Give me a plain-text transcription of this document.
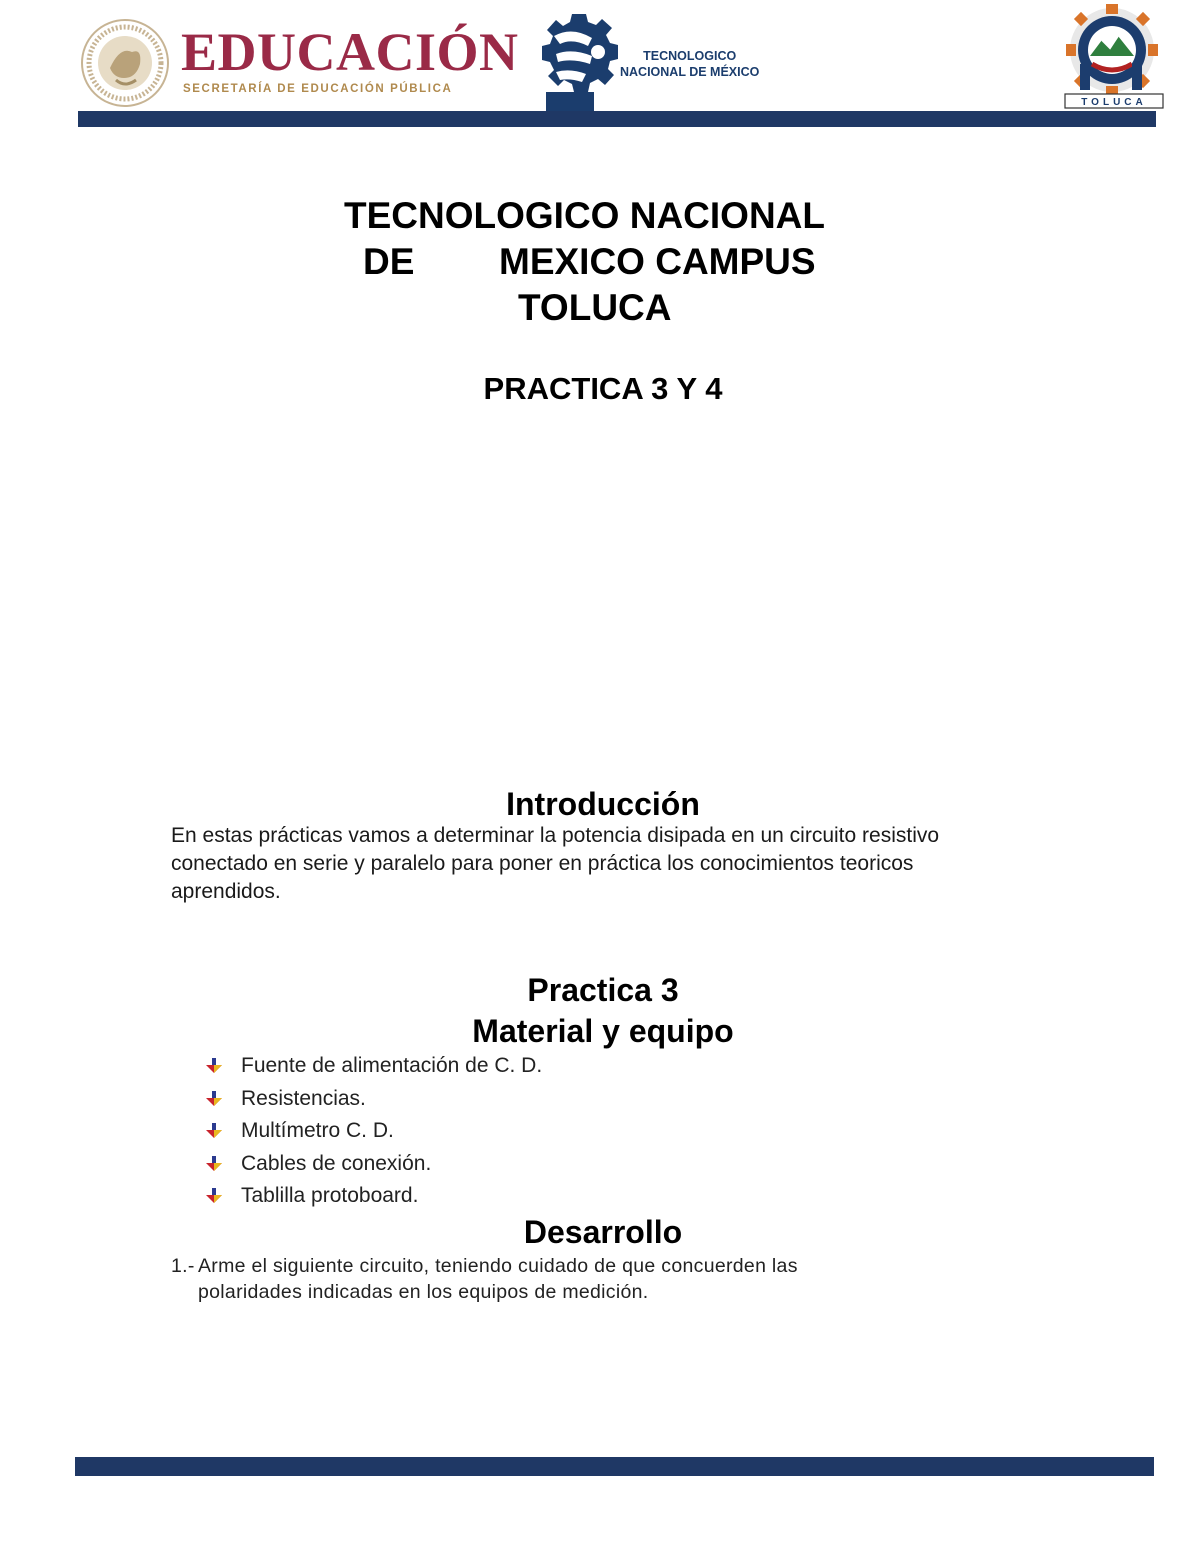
EDUCACIÓN
SECRETARÍA DE EDUCACIÓN PÚBLICA
TECNOLOGICO
NACIONAL DE MÉXICO
TOLUCA
TECNOLOGICO NACIONAL
DE MEXICO CAMPUS
TOLUCA
PRACTICA 3 Y 4
Introducción
En estas prácticas vamos a determinar la potencia disipada en un circuito resistivo conectado en serie y paralelo para poner en práctica los conocimientos teoricos aprendidos.
Practica 3
Material y equipo
Fuente de alimentación de C. D.
Resistencias.
Multímetro C. D.
Cables de conexión.
Tablilla protoboard.
Desarrollo
1.- Arme el siguiente circuito, teniendo cuidado de que concuerden las polaridades indicadas en los equipos de medición.
